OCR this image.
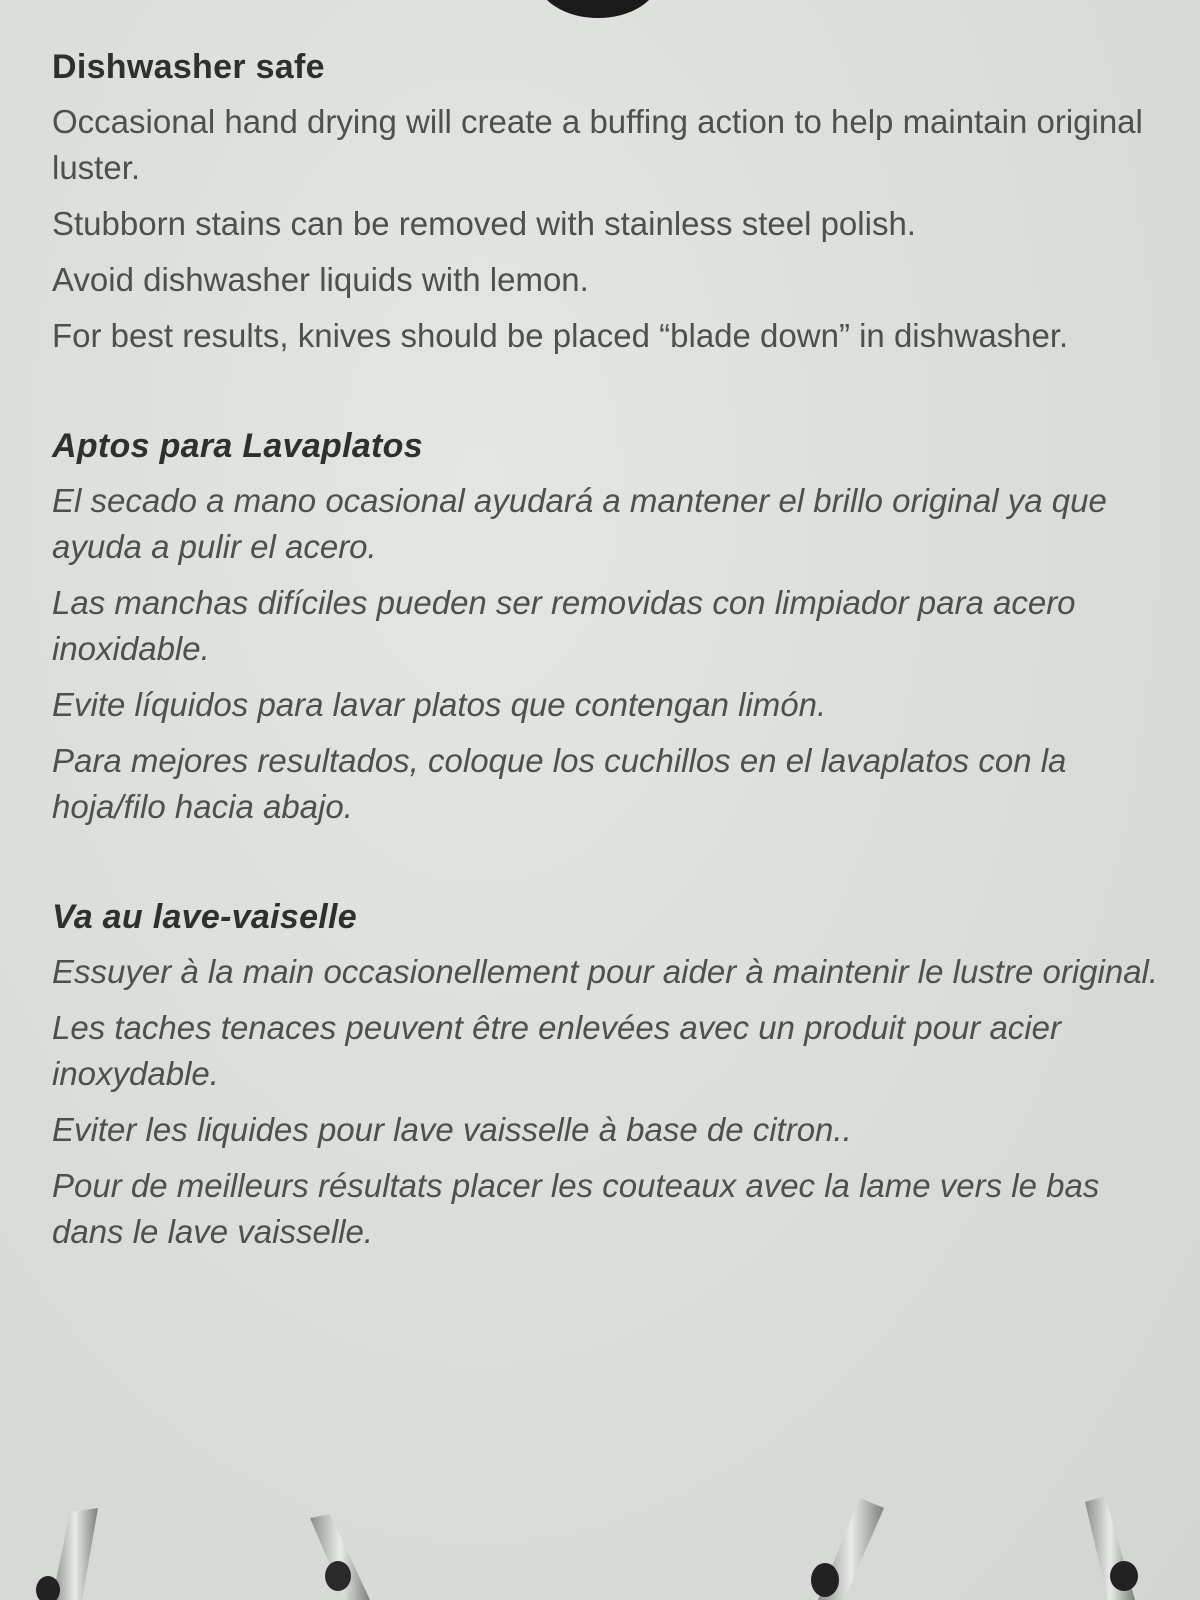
Dishwasher safe
Occasional hand drying will create a buffing action to help maintain original luster.
Stubborn stains can be removed with stainless steel polish.
Avoid dishwasher liquids with lemon.
For best results, knives should be placed “blade down” in dishwasher.
Aptos para Lavaplatos
El secado a mano ocasional ayudará a mantener el brillo original ya que ayuda a pulir el acero.
Las manchas difíciles pueden ser removidas con limpiador para acero inoxidable.
Evite líquidos para lavar platos que contengan limón.
Para mejores resultados, coloque los cuchillos en el lavaplatos con la hoja/filo hacia abajo.
Va au lave-vaiselle
Essuyer à la main occasionellement pour aider à maintenir le lustre original.
Les taches tenaces peuvent être enlevées avec un produit pour acier inoxydable.
Eviter les liquides pour lave vaisselle à base de citron..
Pour de meilleurs résultats placer les couteaux avec la lame vers le bas dans le lave vaisselle.
